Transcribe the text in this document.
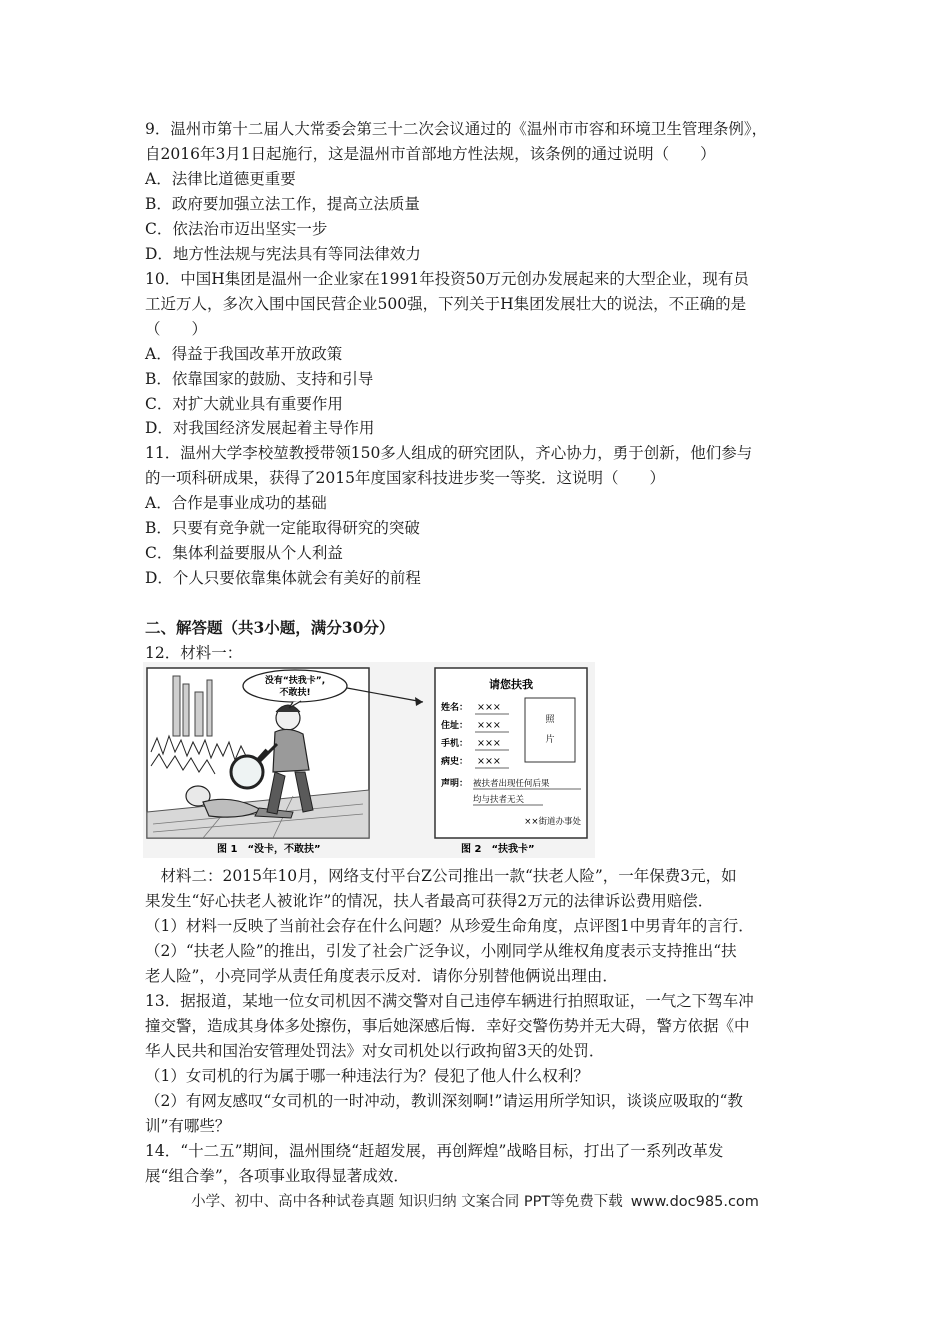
9．温州市第十二届人大常委会第三十二次会议通过的《温州市市容和环境卫生管理条例》，
自2016年3月1日起施行，这是温州市首部地方性法规，该条例的通过说明（　　）
A．法律比道德更重要
B．政府要加强立法工作，提高立法质量
C．依法治市迈出坚实一步
D．地方性法规与宪法具有等同法律效力
10．中国H集团是温州一企业家在1991年投资50万元创办发展起来的大型企业，现有员
工近万人，多次入围中国民营企业500强，下列关于H集团发展壮大的说法，不正确的是
（　　）
A．得益于我国改革开放政策
B．依靠国家的鼓励、支持和引导
C．对扩大就业具有重要作用
D．对我国经济发展起着主导作用
11．温州大学李校堃教授带领150多人组成的研究团队，齐心协力，勇于创新，他们参与
的一项科研成果，获得了2015年度国家科技进步奖一等奖．这说明（　　）
A．合作是事业成功的基础
B．只要有竞争就一定能取得研究的突破
C．集体利益要服从个人利益
D．个人只要依靠集体就会有美好的前程
二、解答题（共3小题，满分30分）
12．材料一：
没有“扶我卡”,
不敢扶!
请您扶我
姓名： ×××
住址： ×××
手机： ×××
病史： ×××
照
片
声明： 被扶者出现任何后果
均与扶者无关
××街道办事处
图 1　“没卡，不敢扶”	图 2　“扶我卡”
　材料二：2015年10月，网络支付平台Z公司推出一款“扶老人险”，一年保费3元，如
果发生“好心扶老人被讹诈”的情况，扶人者最高可获得2万元的法律诉讼费用赔偿．
（1）材料一反映了当前社会存在什么问题？从珍爱生命角度，点评图1中男青年的言行．
（2）“扶老人险”的推出，引发了社会广泛争议，小刚同学从维权角度表示支持推出“扶
老人险”，小亮同学从责任角度表示反对．请你分别替他俩说出理由．
13．据报道，某地一位女司机因不满交警对自己违停车辆进行拍照取证，一气之下驾车冲
撞交警，造成其身体多处擦伤，事后她深感后悔．幸好交警伤势并无大碍，警方依据《中
华人民共和国治安管理处罚法》对女司机处以行政拘留3天的处罚．
（1）女司机的行为属于哪一种违法行为？侵犯了他人什么权利？
（2）有网友感叹“女司机的一时冲动，教训深刻啊!”请运用所学知识，谈谈应吸取的“教
训”有哪些？
14．“十二五”期间，温州围绕“赶超发展，再创辉煌”战略目标，打出了一系列改革发
展“组合拳”，各项事业取得显著成效．
小学、初中、高中各种试卷真题 知识归纳 文案合同 PPT等免费下载 www.doc985.com
